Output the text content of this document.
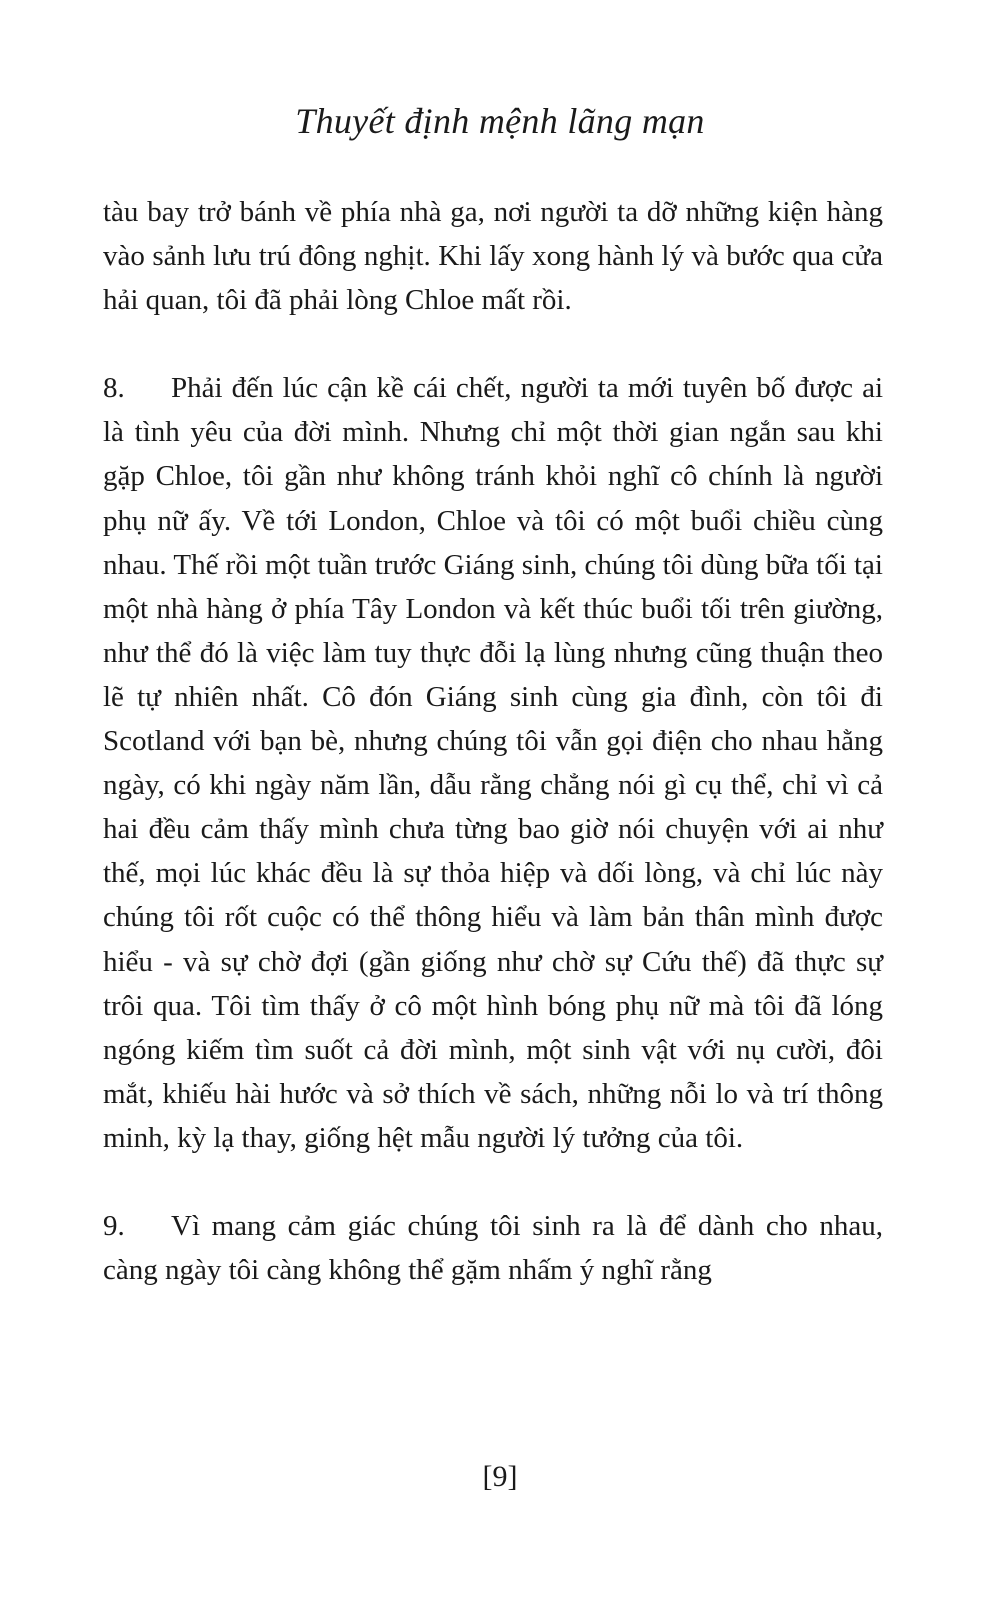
Thuyết định mệnh lãng mạn

tàu bay trở bánh về phía nhà ga, nơi người ta dỡ những kiện hàng vào sảnh lưu trú đông nghịt. Khi lấy xong hành lý và bước qua cửa hải quan, tôi đã phải lòng Chloe mất rồi.

8. Phải đến lúc cận kề cái chết, người ta mới tuyên bố được ai là tình yêu của đời mình. Nhưng chỉ một thời gian ngắn sau khi gặp Chloe, tôi gần như không tránh khỏi nghĩ cô chính là người phụ nữ ấy. Về tới London, Chloe và tôi có một buổi chiều cùng nhau. Thế rồi một tuần trước Giáng sinh, chúng tôi dùng bữa tối tại một nhà hàng ở phía Tây London và kết thúc buổi tối trên giường, như thể đó là việc làm tuy thực đỗi lạ lùng nhưng cũng thuận theo lẽ tự nhiên nhất. Cô đón Giáng sinh cùng gia đình, còn tôi đi Scotland với bạn bè, nhưng chúng tôi vẫn gọi điện cho nhau hằng ngày, có khi ngày năm lần, dẫu rằng chẳng nói gì cụ thể, chỉ vì cả hai đều cảm thấy mình chưa từng bao giờ nói chuyện với ai như thế, mọi lúc khác đều là sự thỏa hiệp và dối lòng, và chỉ lúc này chúng tôi rốt cuộc có thể thông hiểu và làm bản thân mình được hiểu - và sự chờ đợi (gần giống như chờ sự Cứu thế) đã thực sự trôi qua. Tôi tìm thấy ở cô một hình bóng phụ nữ mà tôi đã lóng ngóng kiếm tìm suốt cả đời mình, một sinh vật với nụ cười, đôi mắt, khiếu hài hước và sở thích về sách, những nỗi lo và trí thông minh, kỳ lạ thay, giống hệt mẫu người lý tưởng của tôi.

9. Vì mang cảm giác chúng tôi sinh ra là để dành cho nhau, càng ngày tôi càng không thể gặm nhấm ý nghĩ rằng

[9]
